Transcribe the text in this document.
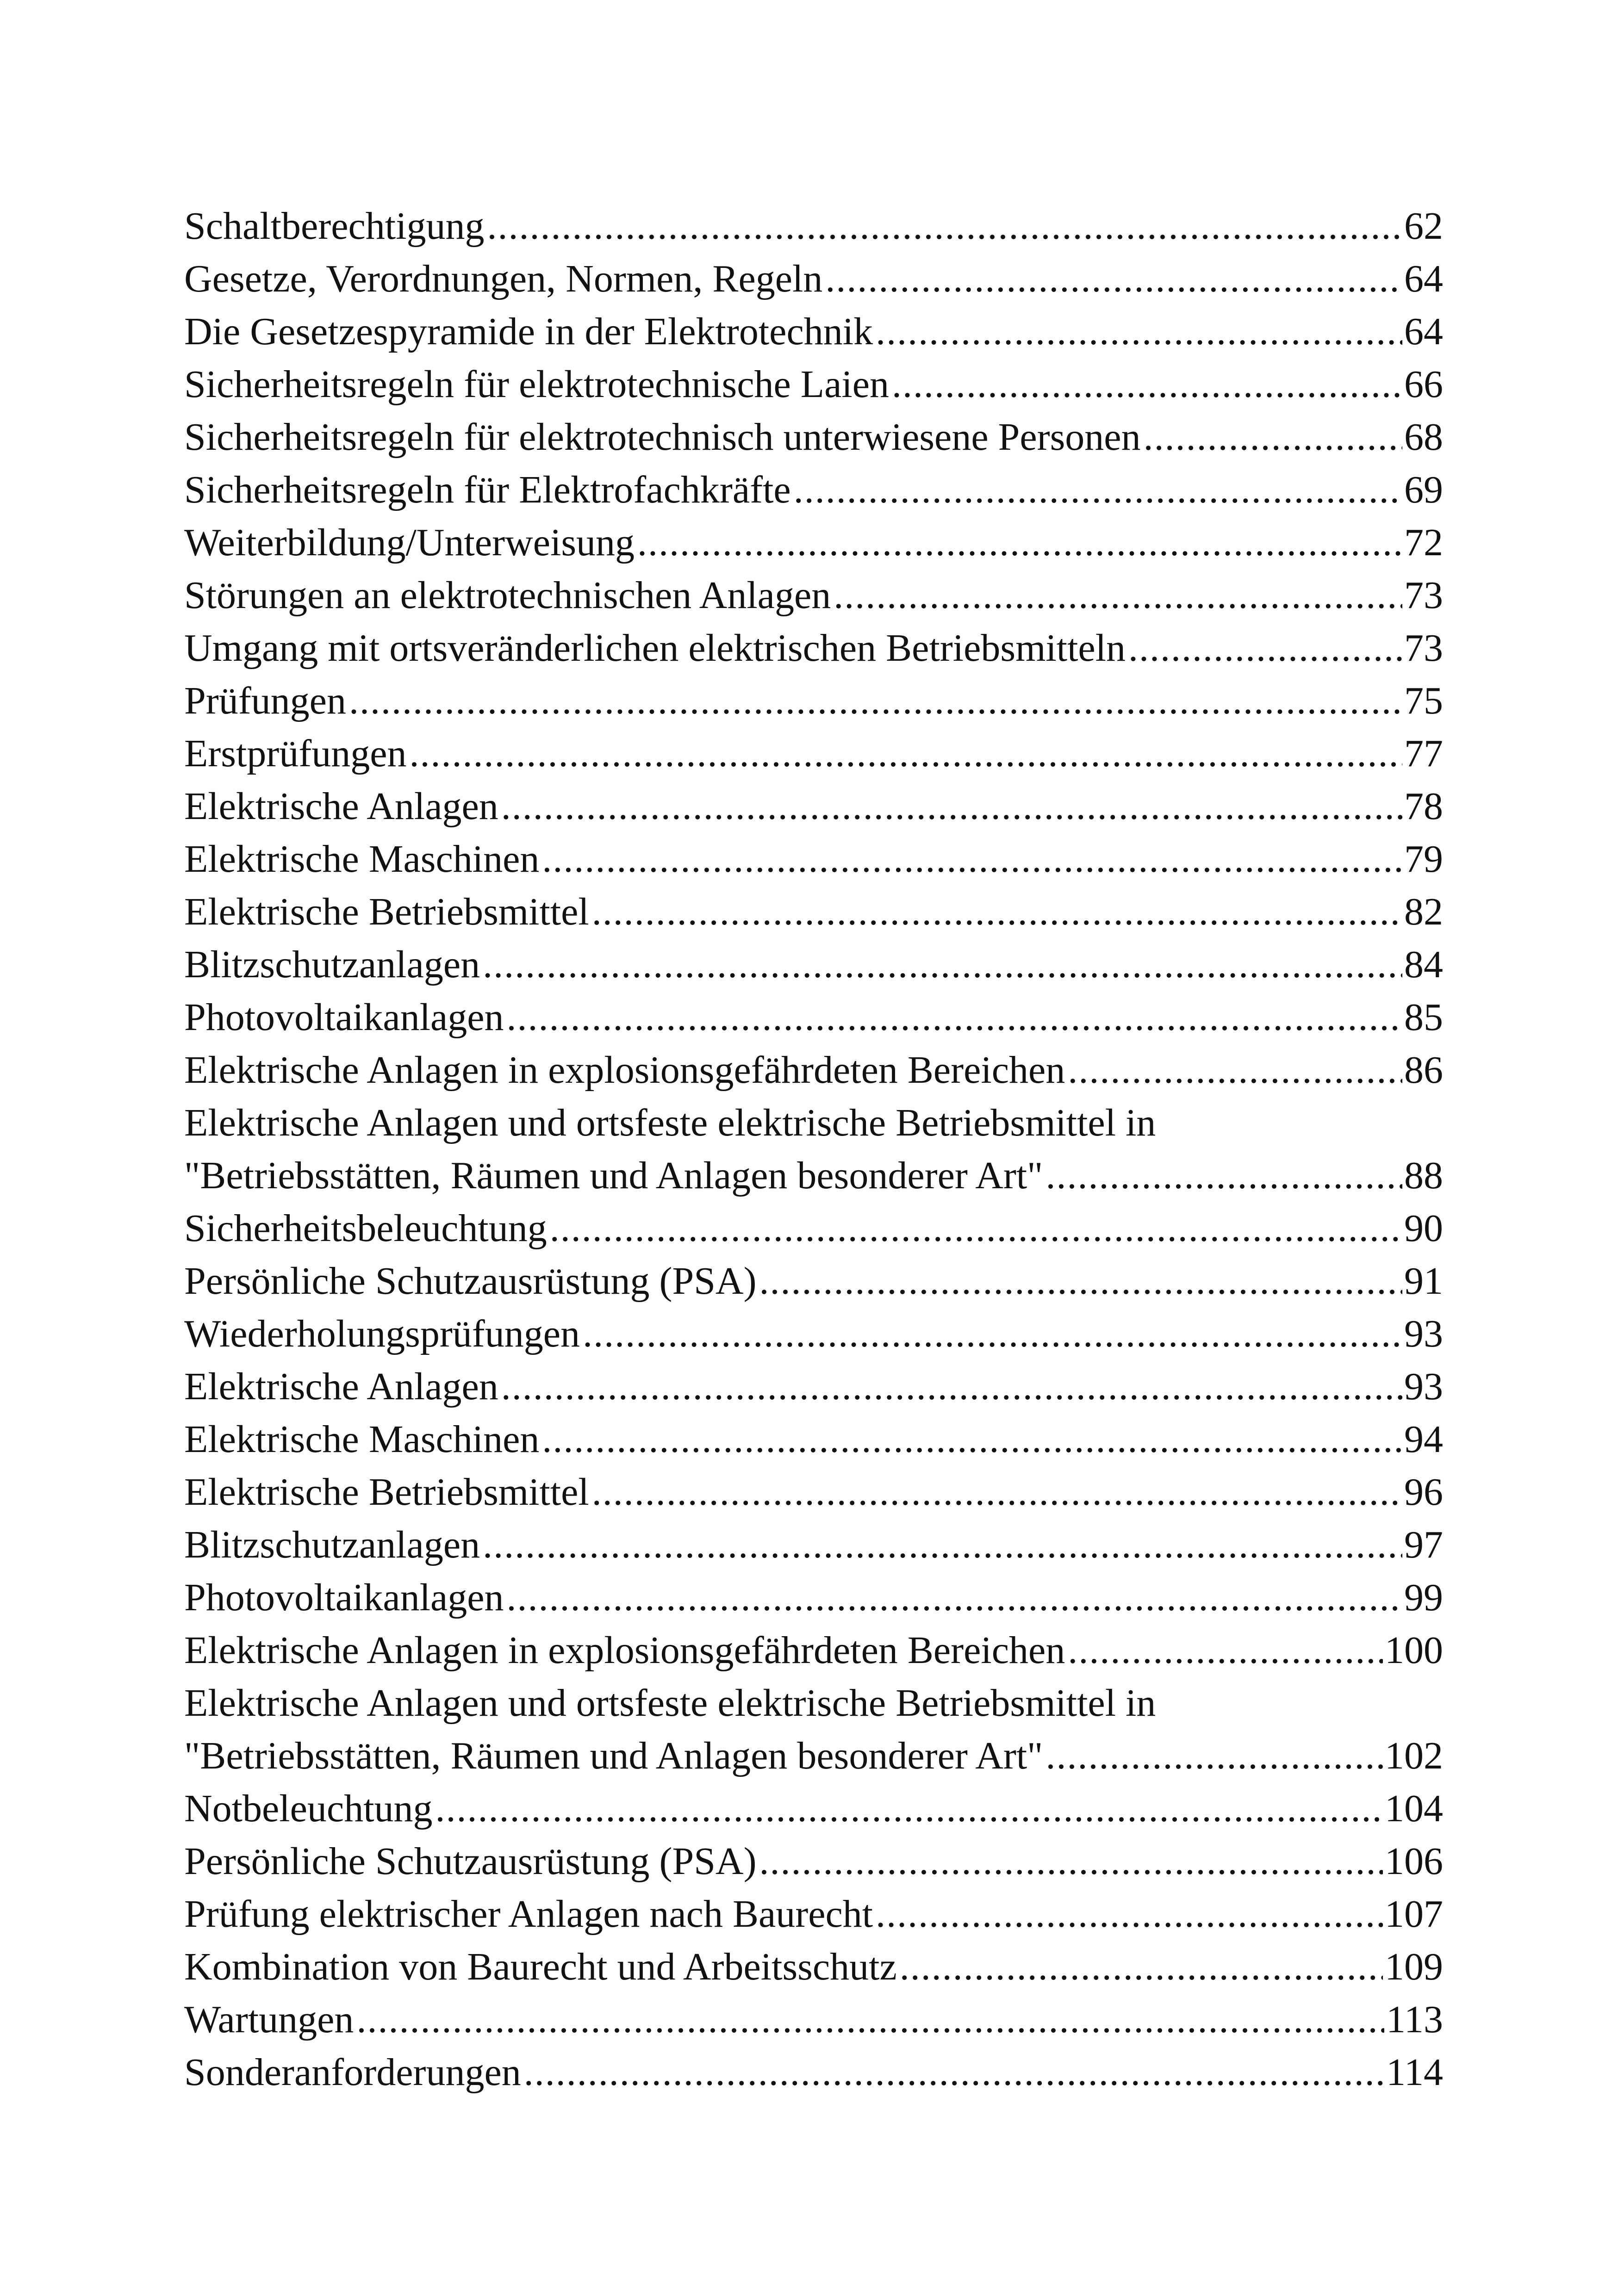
Schaltberechtigung .....	62
Gesetze, Verordnungen, Normen, Regeln .....	64
Die Gesetzespyramide in der Elektrotechnik .....	64
Sicherheitsregeln für elektrotechnische Laien .....	66
Sicherheitsregeln für elektrotechnisch unterwiesene Personen .....	68
Sicherheitsregeln für Elektrofachkräfte .....	69
Weiterbildung/Unterweisung .....	72
Störungen an elektrotechnischen Anlagen .....	73
Umgang mit ortsveränderlichen elektrischen Betriebsmitteln .....	73
Prüfungen .....	75
Erstprüfungen .....	77
Elektrische Anlagen .....	78
Elektrische Maschinen .....	79
Elektrische Betriebsmittel .....	82
Blitzschutzanlagen .....	84
Photovoltaikanlagen .....	85
Elektrische Anlagen in explosionsgefährdeten Bereichen .....	86
Elektrische Anlagen und ortsfeste elektrische Betriebsmittel in
"Betriebsstätten, Räumen und Anlagen besonderer Art" .....	88
Sicherheitsbeleuchtung .....	90
Persönliche Schutzausrüstung (PSA) .....	91
Wiederholungsprüfungen .....	93
Elektrische Anlagen .....	93
Elektrische Maschinen .....	94
Elektrische Betriebsmittel .....	96
Blitzschutzanlagen .....	97
Photovoltaikanlagen .....	99
Elektrische Anlagen in explosionsgefährdeten Bereichen .....	100
Elektrische Anlagen und ortsfeste elektrische Betriebsmittel in
"Betriebsstätten, Räumen und Anlagen besonderer Art" .....	102
Notbeleuchtung .....	104
Persönliche Schutzausrüstung (PSA) .....	106
Prüfung elektrischer Anlagen nach Baurecht .....	107
Kombination von Baurecht und Arbeitsschutz .....	109
Wartungen .....	113
Sonderanforderungen .....	114
